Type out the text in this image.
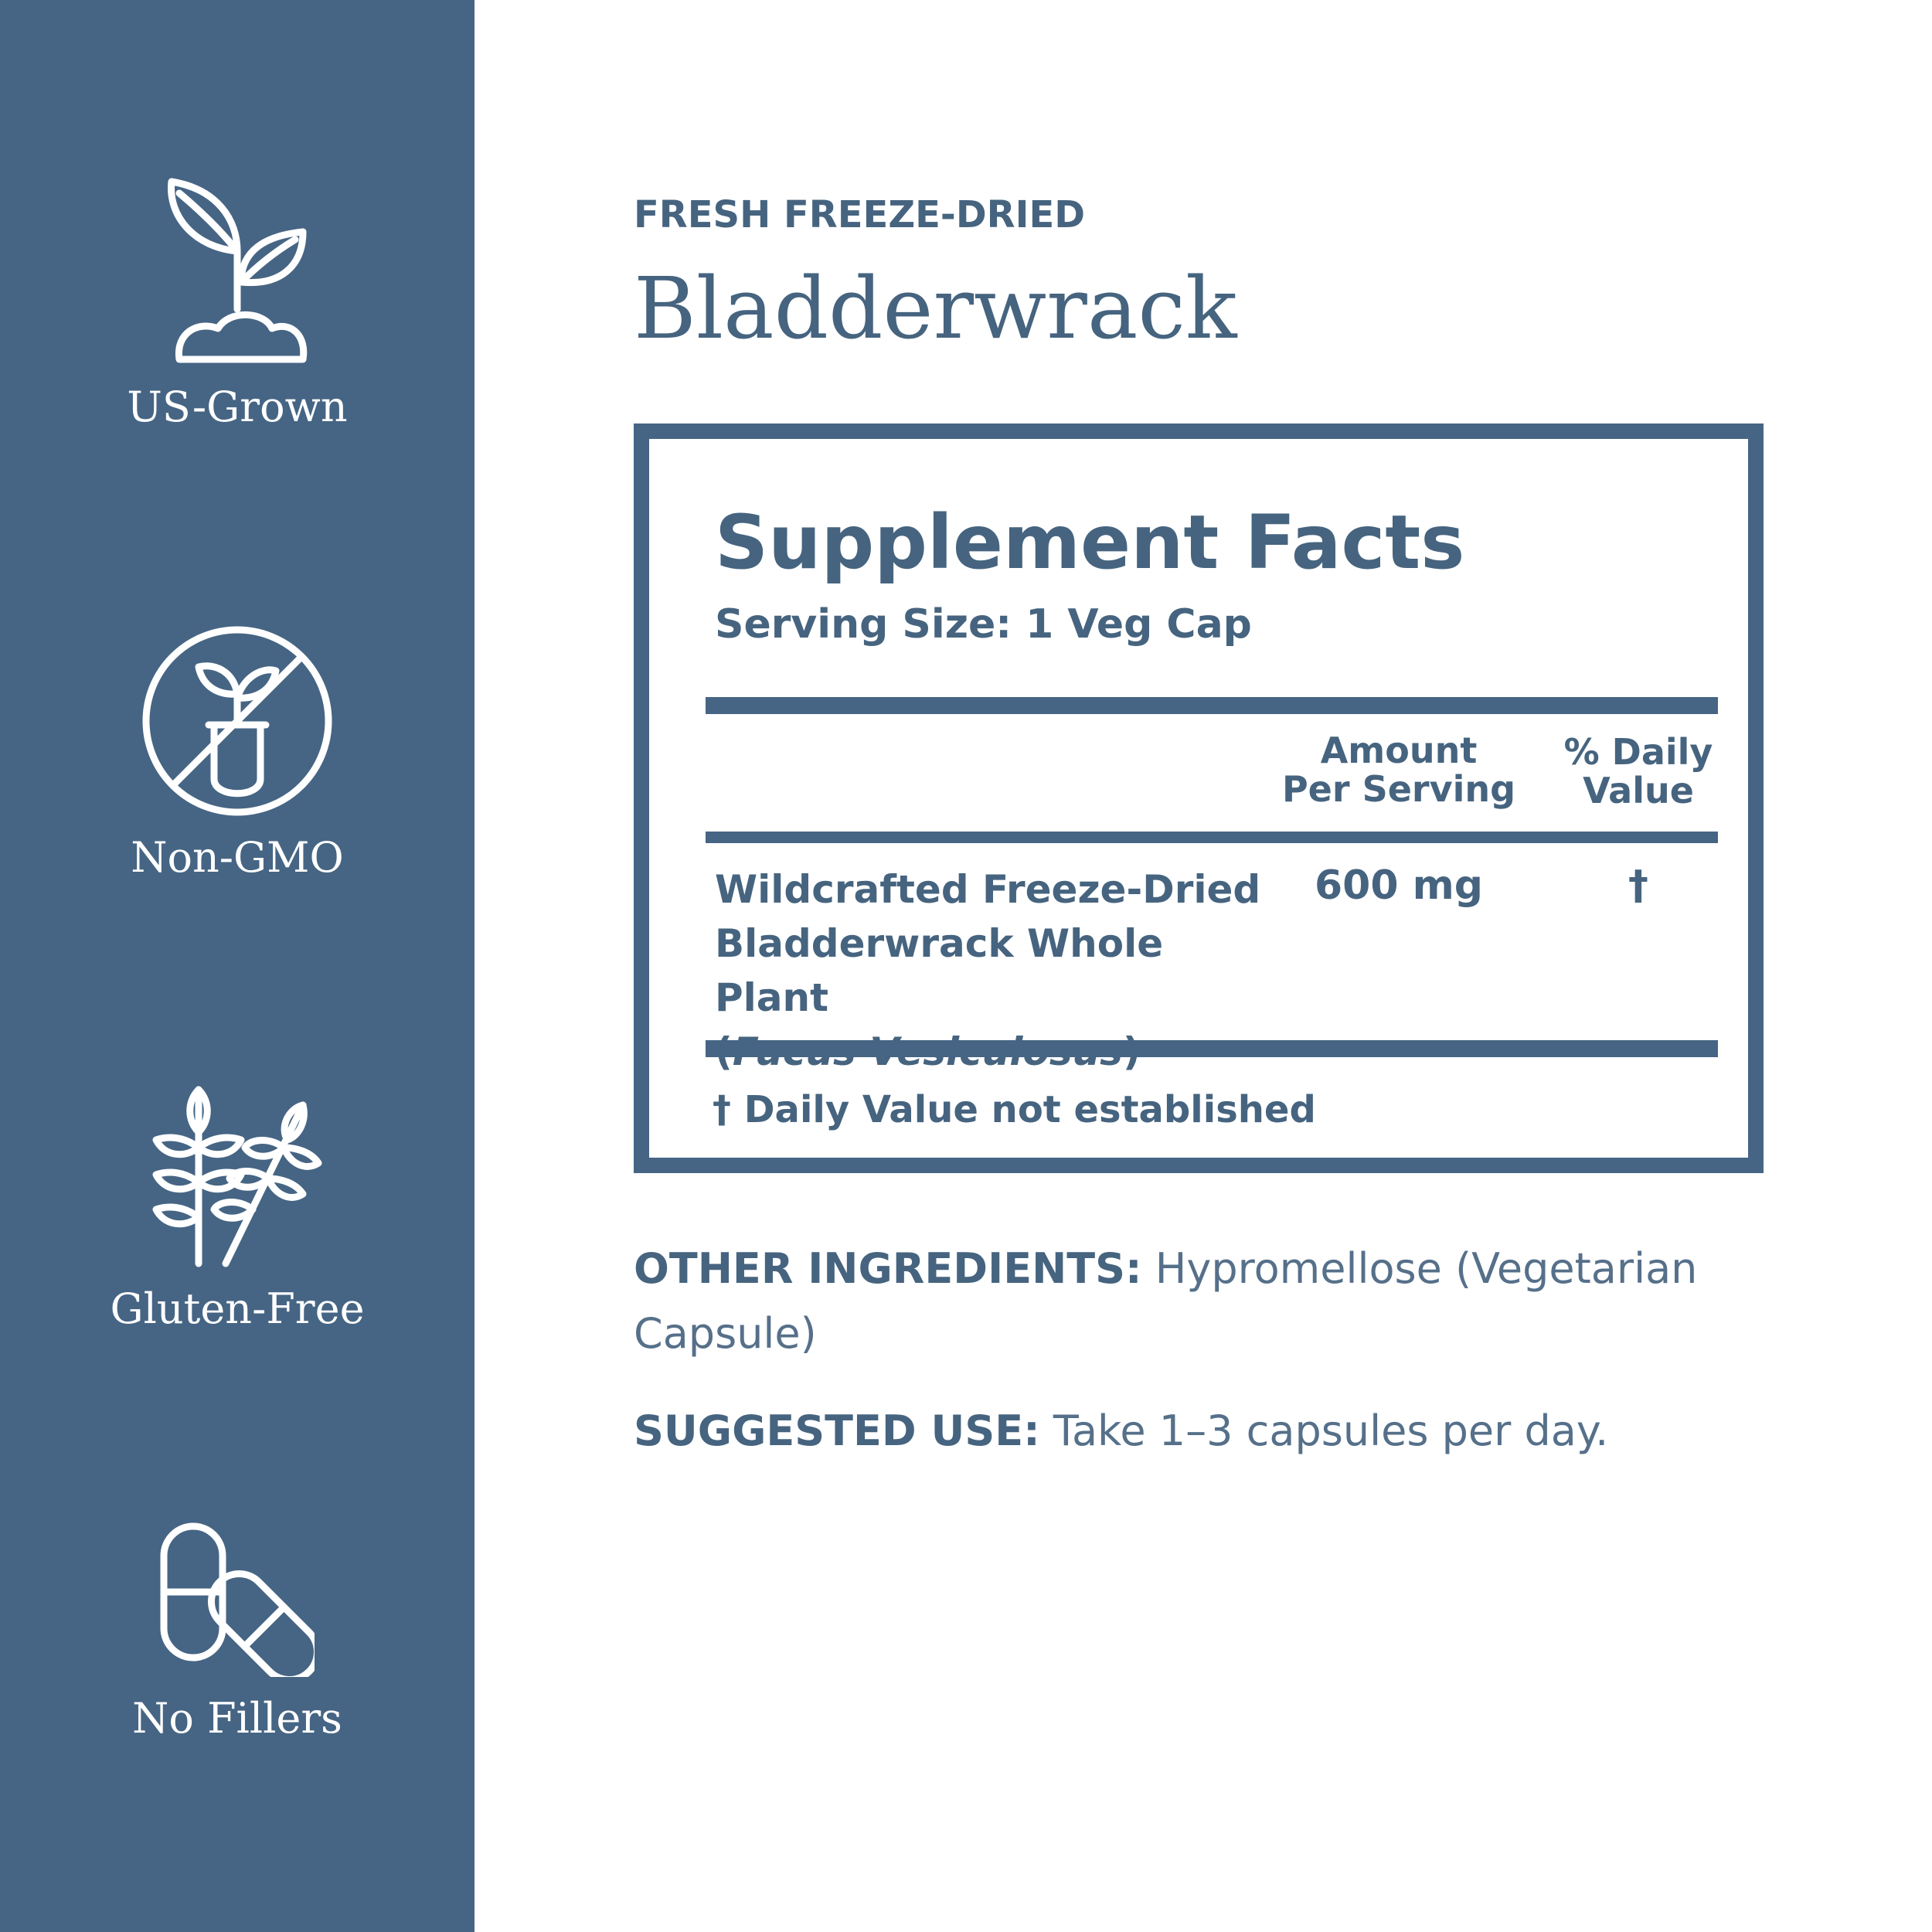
US-Grown
Non-GMO
Gluten-Free
No Fillers
FRESH FREEZE-DRIED
Bladderwrack
Supplement Facts
Serving Size: 1 Veg Cap
Amount
Per Serving
% Daily
Value
Wildcrafted Freeze-Dried
Bladderwrack Whole Plant
600 mg	†
† Daily Value not established
OTHER INGREDIENTS: Hypromellose (Vegetarian Capsule)
SUGGESTED USE: Take 1–3 capsules per day.
